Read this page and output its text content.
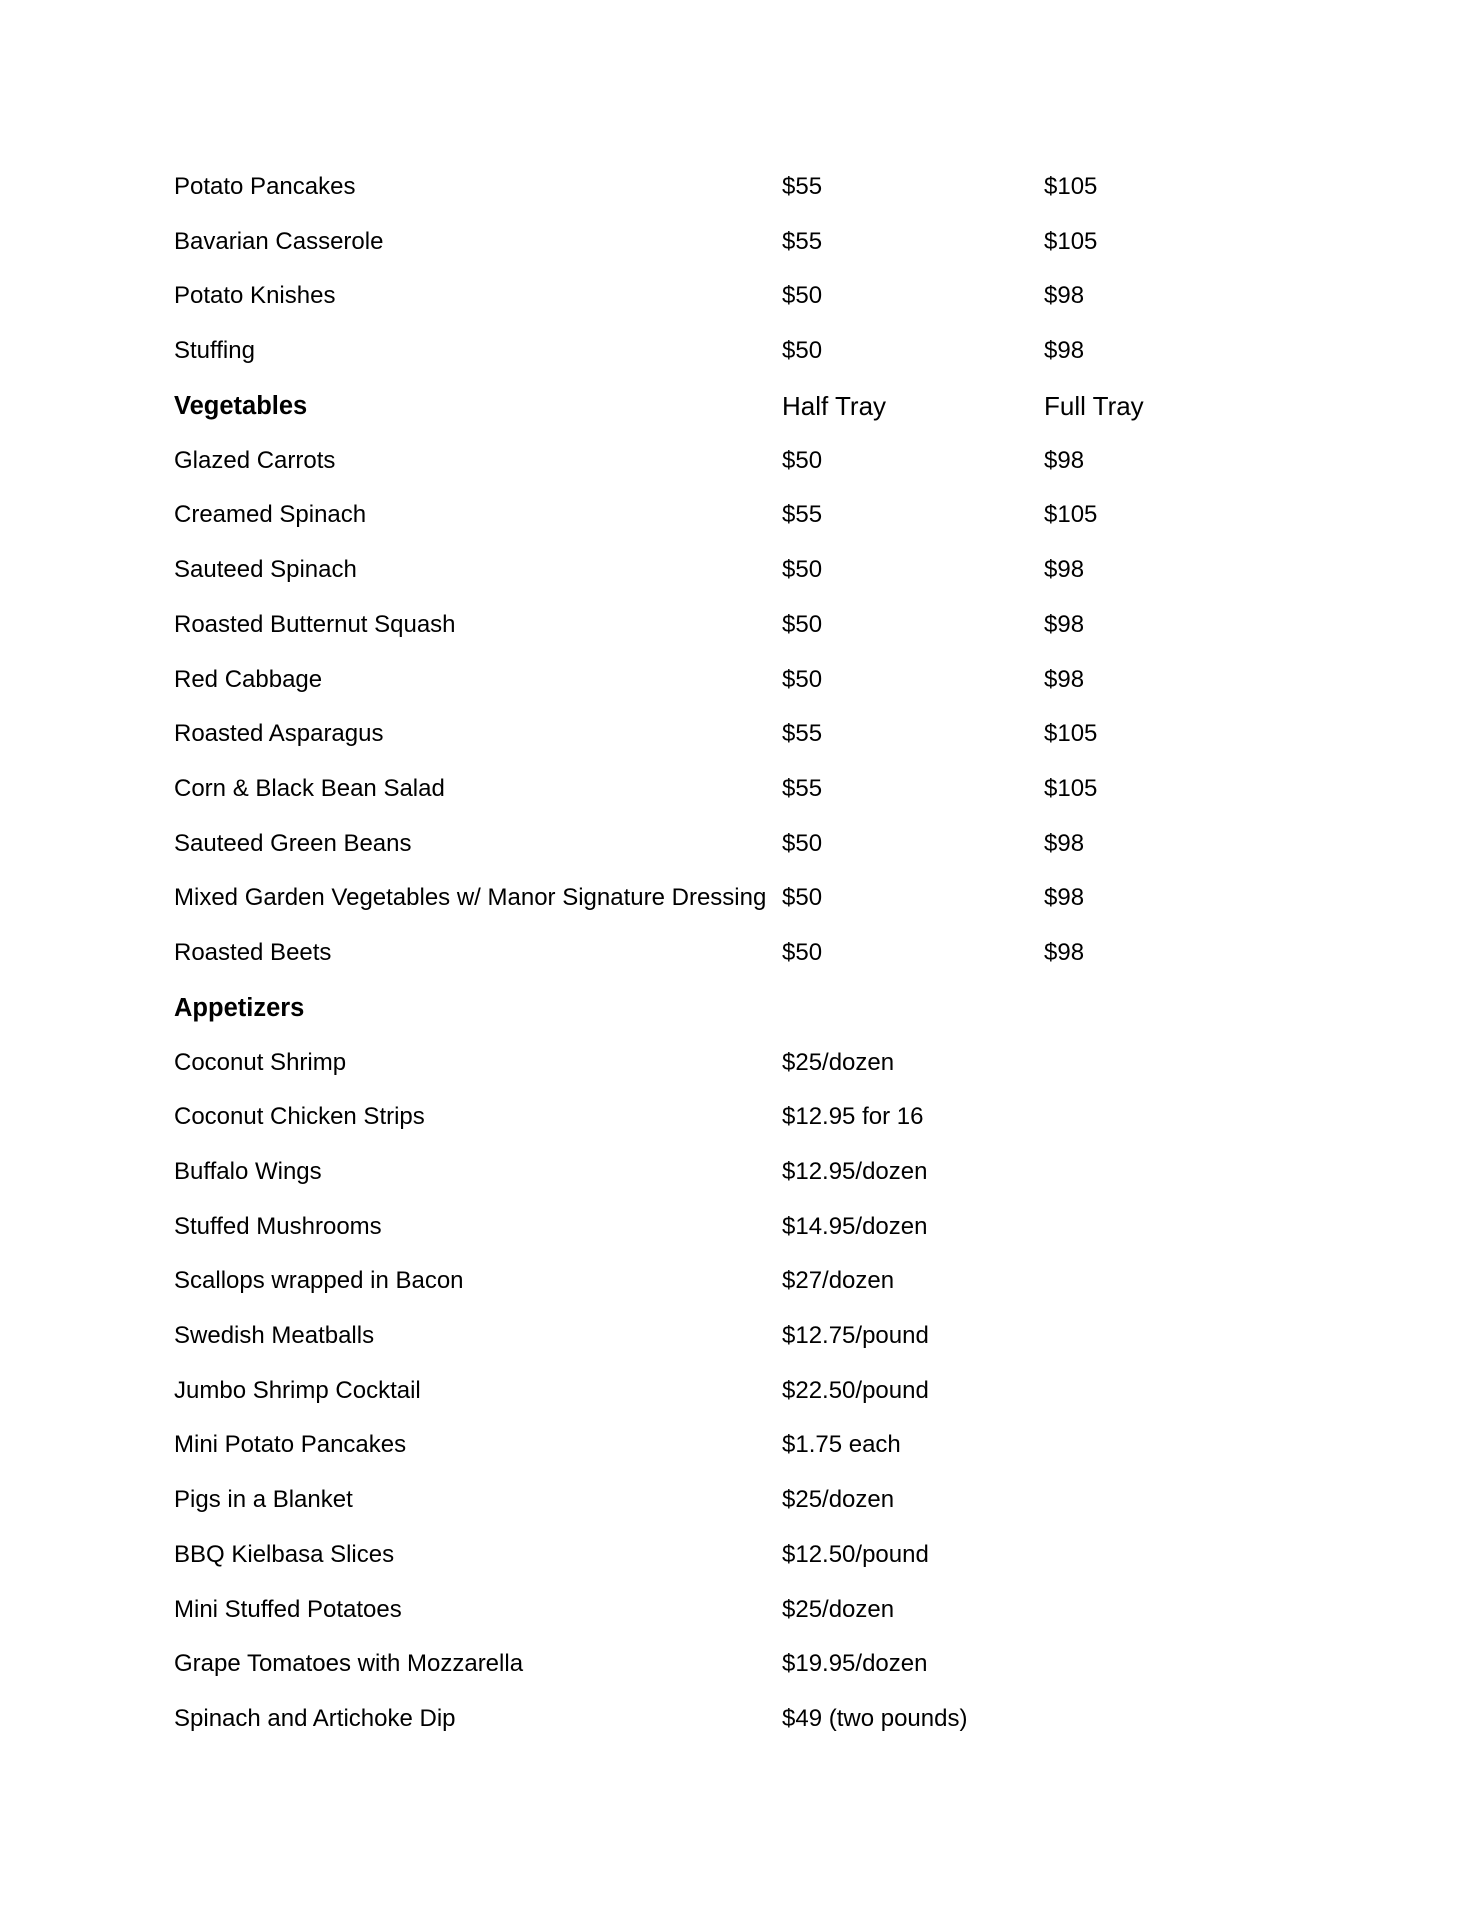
Potato Pancakes	$55	$105
Bavarian Casserole	$55	$105
Potato Knishes	$50	$98
Stuffing	$50	$98
Vegetables	Half Tray	Full Tray
Glazed Carrots	$50	$98
Creamed Spinach	$55	$105
Sauteed Spinach	$50	$98
Roasted Butternut Squash	$50	$98
Red Cabbage	$50	$98
Roasted Asparagus	$55	$105
Corn & Black Bean Salad	$55	$105
Sauteed Green Beans	$50	$98
Mixed Garden Vegetables w/ Manor Signature Dressing $50	$98
Roasted Beets	$50	$98
Appetizers
Coconut Shrimp	$25/dozen
Coconut Chicken Strips	$12.95 for 16
Buffalo Wings	$12.95/dozen
Stuffed Mushrooms	$14.95/dozen
Scallops wrapped in Bacon	$27/dozen
Swedish Meatballs	$12.75/pound
Jumbo Shrimp Cocktail	$22.50/pound
Mini Potato Pancakes	$1.75 each
Pigs in a Blanket	$25/dozen
BBQ Kielbasa Slices	$12.50/pound
Mini Stuffed Potatoes	$25/dozen
Grape Tomatoes with Mozzarella	$19.95/dozen
Spinach and Artichoke Dip	$49 (two pounds)
